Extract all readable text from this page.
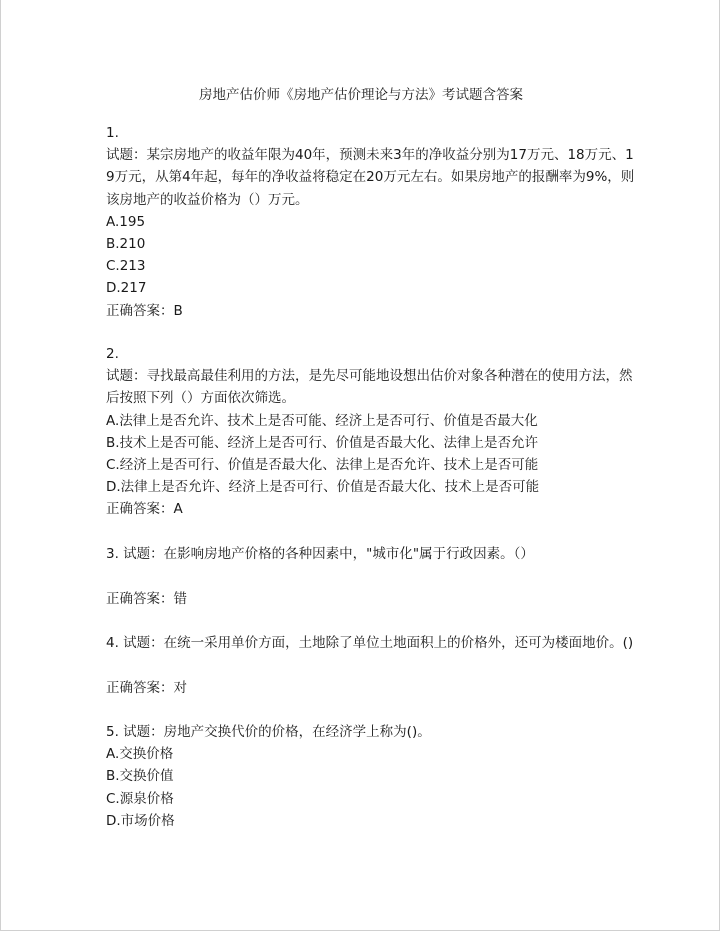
房地产估价师《房地产估价理论与方法》考试题含答案
1.
试题：某宗房地产的收益年限为40年，预测未来3年的净收益分别为17万元、18万元、1
9万元，从第4年起，每年的净收益将稳定在20万元左右。如果房地产的报酬率为9%，则
该房地产的收益价格为（）万元。
A.195
B.210
C.213
D.217
正确答案：B
2.
试题：寻找最高最佳利用的方法，是先尽可能地设想出估价对象各种潜在的使用方法，然
后按照下列（）方面依次筛选。
A.法律上是否允许、技术上是否可能、经济上是否可行、价值是否最大化
B.技术上是否可能、经济上是否可行、价值是否最大化、法律上是否允许
C.经济上是否可行、价值是否最大化、法律上是否允许、技术上是否可能
D.法律上是否允许、经济上是否可行、价值是否最大化、技术上是否可能
正确答案：A
3. 试题：在影响房地产价格的各种因素中，"城市化"属于行政因素。（）
正确答案：错
4. 试题：在统一采用单价方面，土地除了单位土地面积上的价格外，还可为楼面地价。()
正确答案：对
5. 试题：房地产交换代价的价格，在经济学上称为()。
A.交换价格
B.交换价值
C.源泉价格
D.市场价格
